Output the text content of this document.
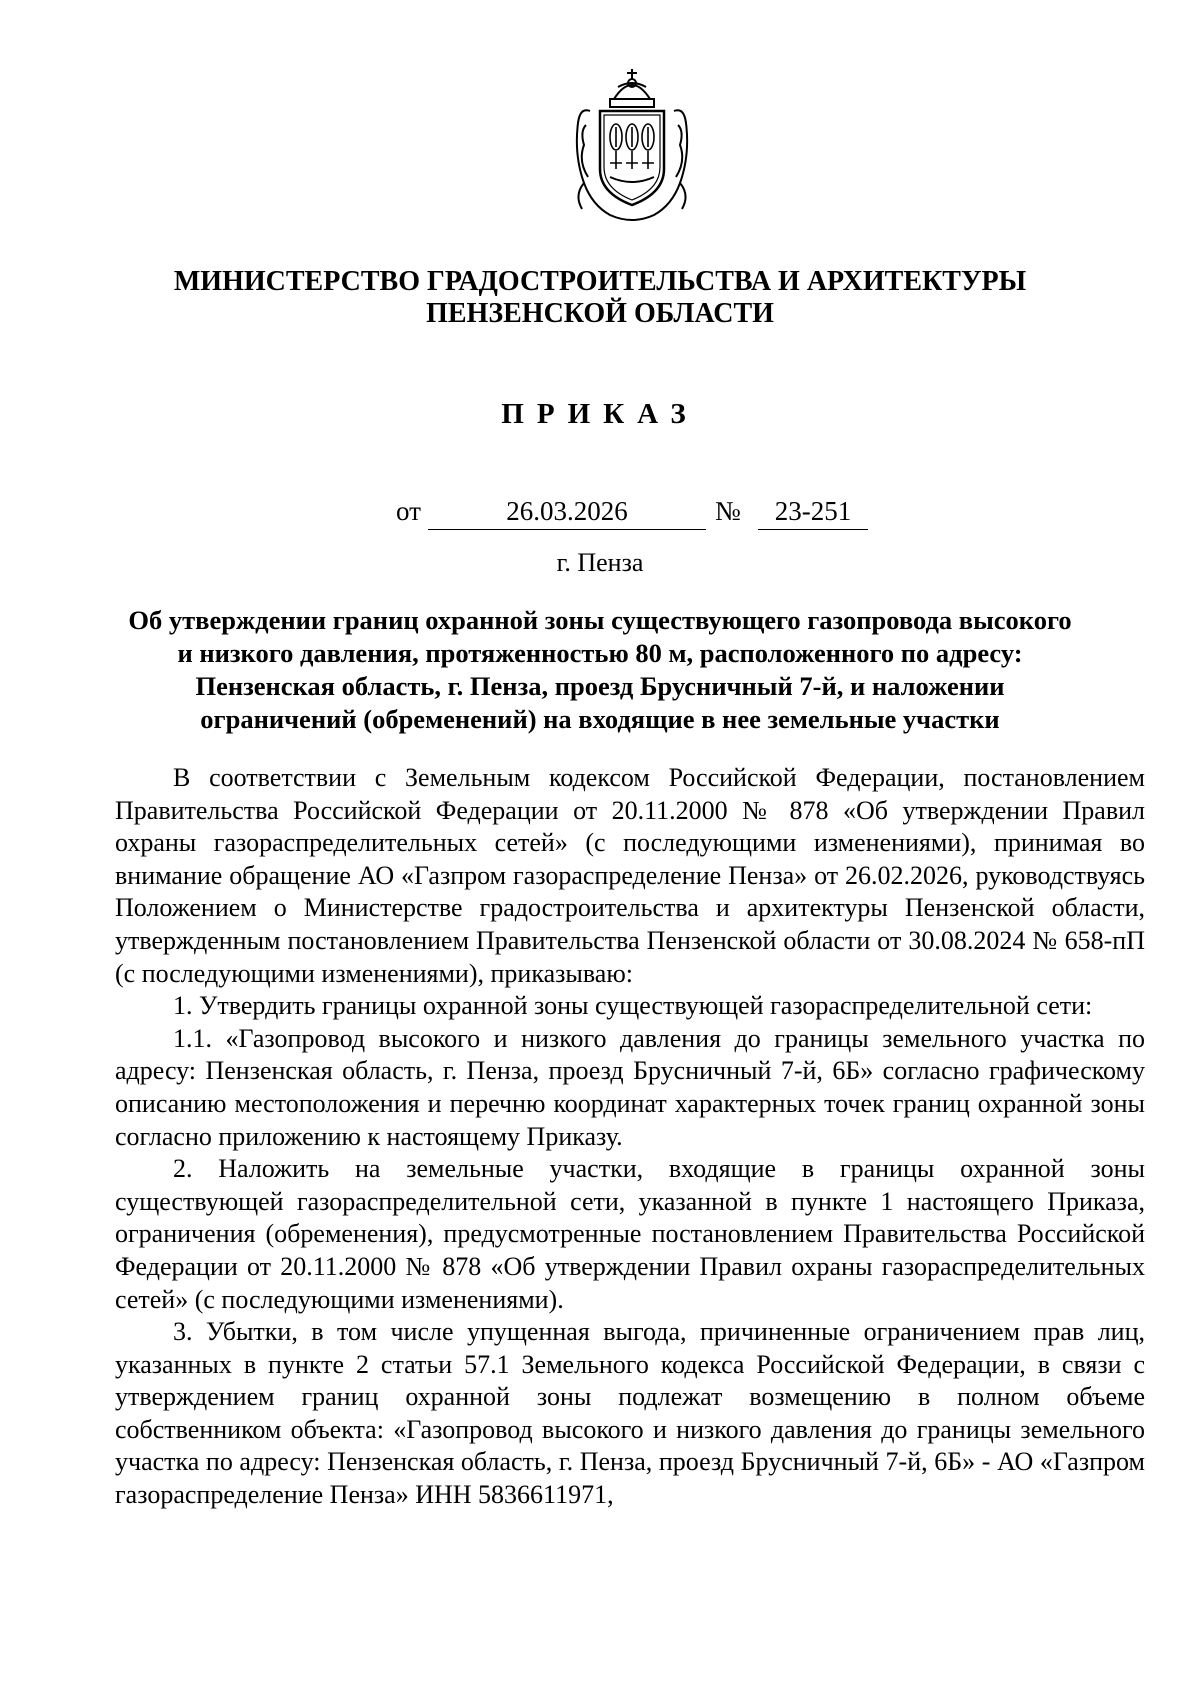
МИНИСТЕРСТВО ГРАДОСТРОИТЕЛЬСТВА И АРХИТЕКТУРЫ
ПЕНЗЕНСКОЙ ОБЛАСТИ
ПРИКАЗ
от	26.03.2026	№	23-251
г. Пенза
Об утверждении границ охранной зоны существующего газопровода высокого
и низкого давления, протяженностью 80 м, расположенного по адресу:
Пензенская область, г. Пенза, проезд Брусничный 7-й, и наложении
ограничений (обременений) на входящие в нее земельные участки

В соответствии с Земельным кодексом Российской Федерации, постановлением Правительства Российской Федерации от 20.11.2000 № 878 «Об утверждении Правил охраны газораспределительных сетей» (с последующими изменениями), принимая во внимание обращение АО «Газпром газораспределение Пенза» от 26.02.2026, руководствуясь Положением о Министерстве градостроительства и архитектуры Пензенской области, утвержденным постановлением Правительства Пензенской области от 30.08.2024 № 658-пП (с последующими изменениями), приказываю:

1. Утвердить границы охранной зоны существующей газораспределительной сети:

1.1. «Газопровод высокого и низкого давления до границы земельного участка по адресу: Пензенская область, г. Пенза, проезд Брусничный 7-й, 6Б» согласно графическому описанию местоположения и перечню координат характерных точек границ охранной зоны согласно приложению к настоящему Приказу.

2. Наложить на земельные участки, входящие в границы охранной зоны существующей газораспределительной сети, указанной в пункте 1 настоящего Приказа, ограничения (обременения), предусмотренные постановлением Правительства Российской Федерации от 20.11.2000 № 878 «Об утверждении Правил охраны газораспределительных сетей» (с последующими изменениями).

3. Убытки, в том числе упущенная выгода, причиненные ограничением прав лиц, указанных в пункте 2 статьи 57.1 Земельного кодекса Российской Федерации, в связи с утверждением границ охранной зоны подлежат возмещению в полном объеме собственником объекта: «Газопровод высокого и низкого давления до границы земельного участка по адресу: Пензенская область, г. Пенза, проезд Брусничный 7-й, 6Б» - АО «Газпром газораспределение Пенза» ИНН 5836611971,
